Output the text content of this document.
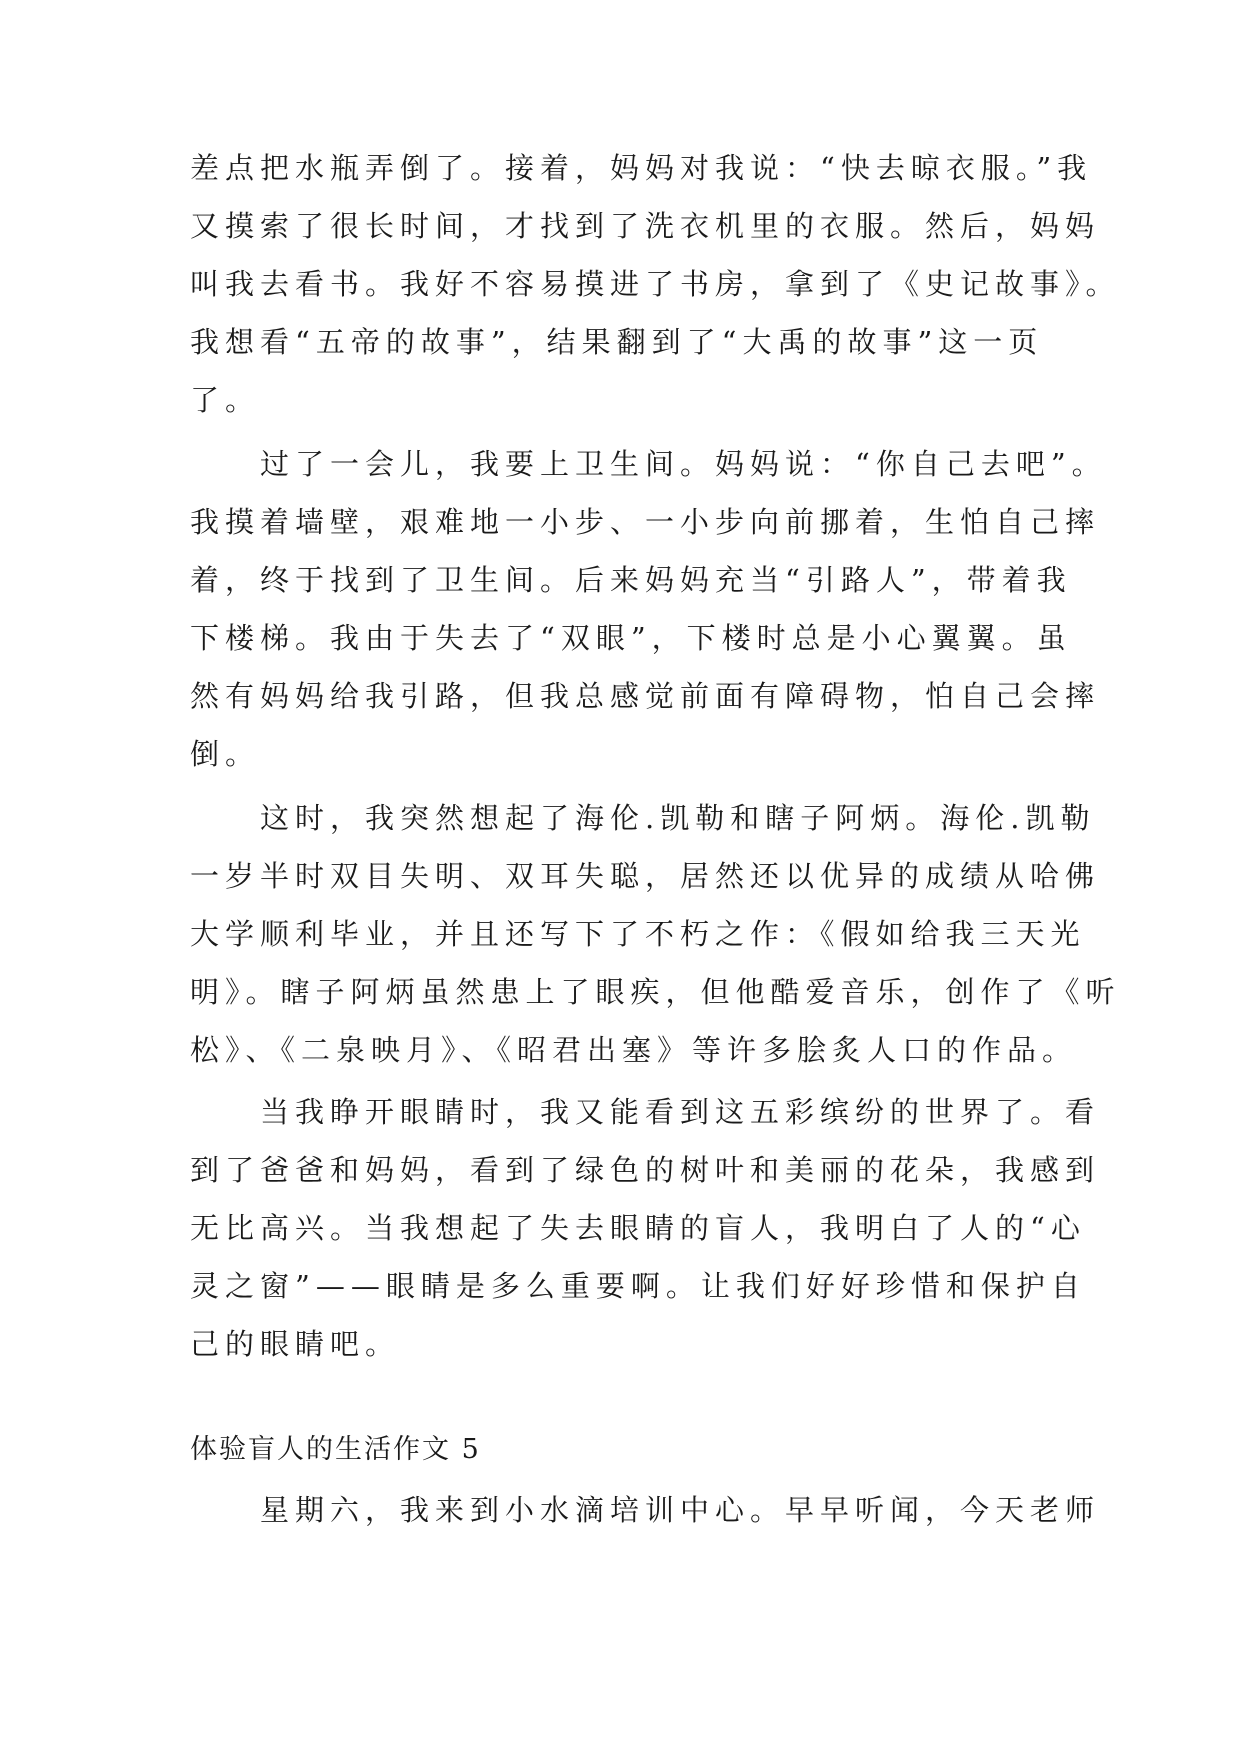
差点把水瓶弄倒了。接着，妈妈对我说：“快去晾衣服。”我
又摸索了很长时间，才找到了洗衣机里的衣服。然后，妈妈
叫我去看书。我好不容易摸进了书房，拿到了《史记故事》。
我想看“五帝的故事”，结果翻到了“大禹的故事”这一页
了。
　　过了一会儿，我要上卫生间。妈妈说：“你自己去吧”。
我摸着墙壁，艰难地一小步、一小步向前挪着，生怕自己摔
着，终于找到了卫生间。后来妈妈充当“引路人”，带着我
下楼梯。我由于失去了“双眼”，下楼时总是小心翼翼。虽
然有妈妈给我引路，但我总感觉前面有障碍物，怕自己会摔
倒。
　　这时，我突然想起了海伦.凯勒和瞎子阿炳。海伦.凯勒
一岁半时双目失明、双耳失聪，居然还以优异的成绩从哈佛
大学顺利毕业，并且还写下了不朽之作：《假如给我三天光
明》。瞎子阿炳虽然患上了眼疾，但他酷爱音乐，创作了《听
松》、《二泉映月》、《昭君出塞》等许多脍炙人口的作品。
　　当我睁开眼睛时，我又能看到这五彩缤纷的世界了。看
到了爸爸和妈妈，看到了绿色的树叶和美丽的花朵，我感到
无比高兴。当我想起了失去眼睛的盲人，我明白了人的“心
灵之窗”——眼睛是多么重要啊。让我们好好珍惜和保护自
己的眼睛吧。
体验盲人的生活作文 5
　　星期六，我来到小水滴培训中心。早早听闻，今天老师
